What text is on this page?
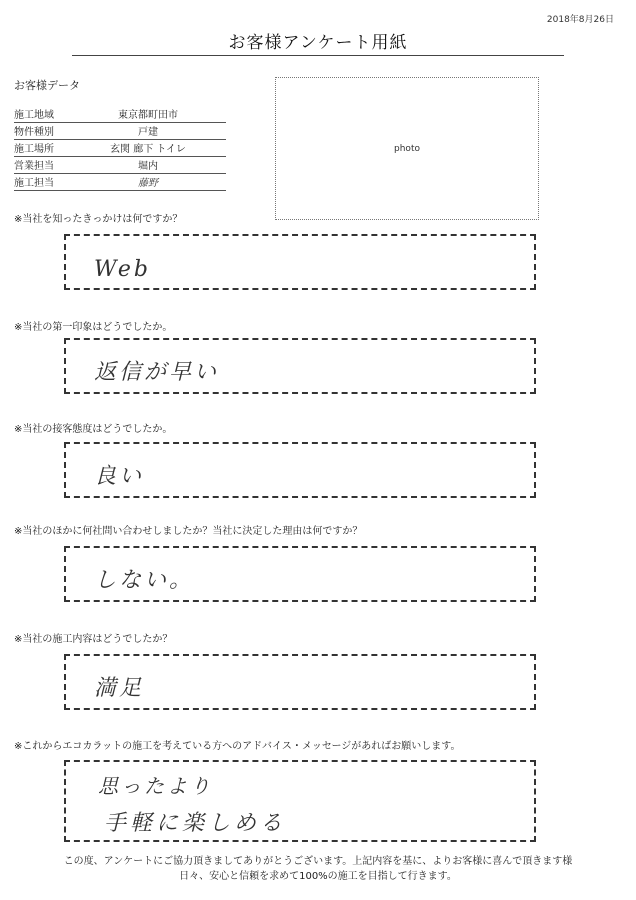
2018年8月26日
お客様アンケート用紙
お客様データ
施工地域	東京都町田市
物件種別	戸建
施工場所	玄関 廊下 トイレ
営業担当	堀内
施工担当	藤野
photo
※当社を知ったきっかけは何ですか？
Web
※当社の第一印象はどうでしたか。
返信が早い
※当社の接客態度はどうでしたか。
良い
※当社のほかに何社問い合わせしましたか？当社に決定した理由は何ですか？
しない。
※当社の施工内容はどうでしたか？
満足
※これからエコカラットの施工を考えている方へのアドバイス・メッセージがあればお願いします。
思ったより
手軽に楽しめる
この度、アンケートにご協力頂きましてありがとうございます。上記内容を基に、よりお客様に喜んで頂きます様
日々、安心と信頼を求めて100%の施工を目指して行きます。
